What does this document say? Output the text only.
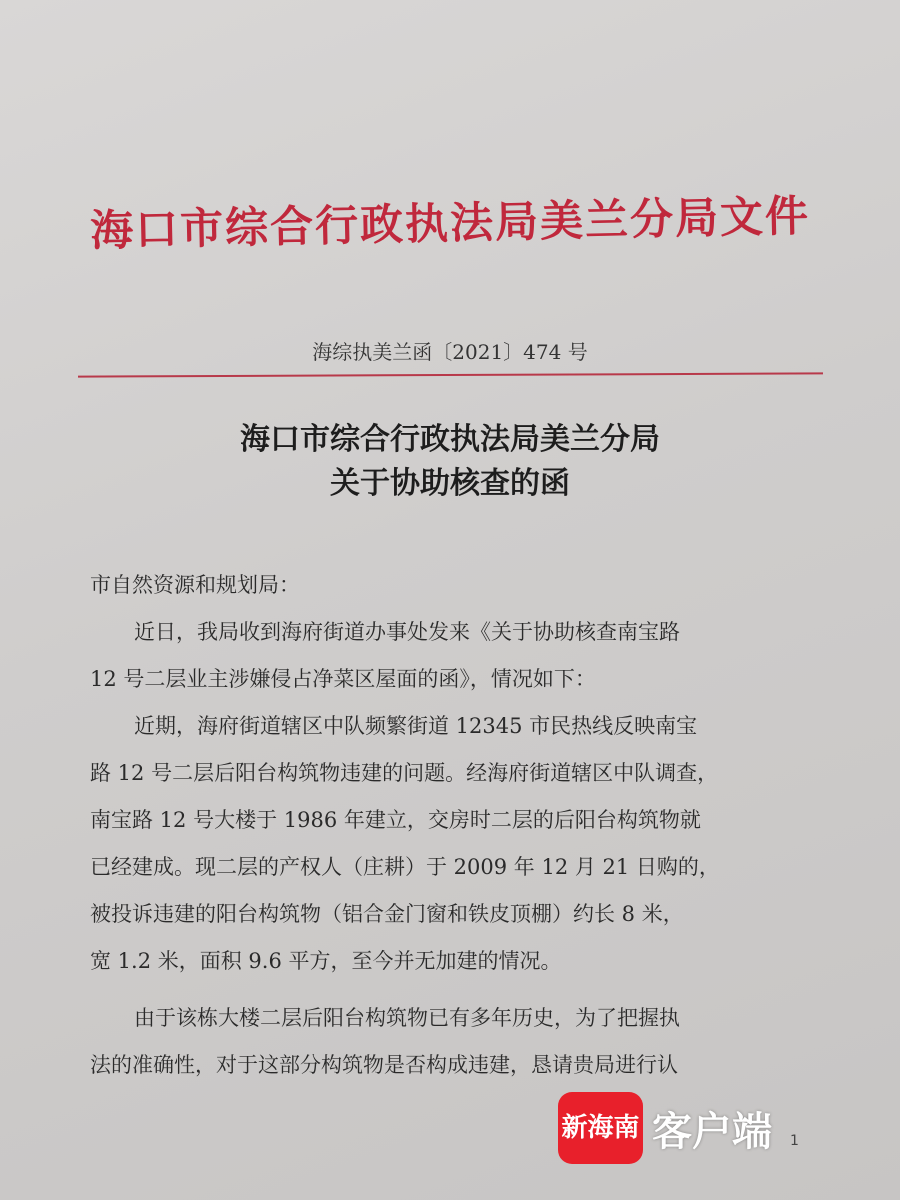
海口市综合行政执法局美兰分局文件
海综执美兰函〔2021〕474 号
海口市综合行政执法局美兰分局
关于协助核查的函
市自然资源和规划局：
近日，我局收到海府街道办事处发来《关于协助核查南宝路
12 号二层业主涉嫌侵占净菜区屋面的函》，情况如下：
近期，海府街道辖区中队频繁街道 12345 市民热线反映南宝
路 12 号二层后阳台构筑物违建的问题。经海府街道辖区中队调查，
南宝路 12 号大楼于 1986 年建立，交房时二层的后阳台构筑物就
已经建成。现二层的产权人（庄耕）于 2009 年 12 月 21 日购的，
被投诉违建的阳台构筑物（铝合金门窗和铁皮顶棚）约长 8 米，
宽 1.2 米，面积 9.6 平方，至今并无加建的情况。
由于该栋大楼二层后阳台构筑物已有多年历史，为了把握执
法的准确性，对于这部分构筑物是否构成违建，恳请贵局进行认
新海南 客户端 1
